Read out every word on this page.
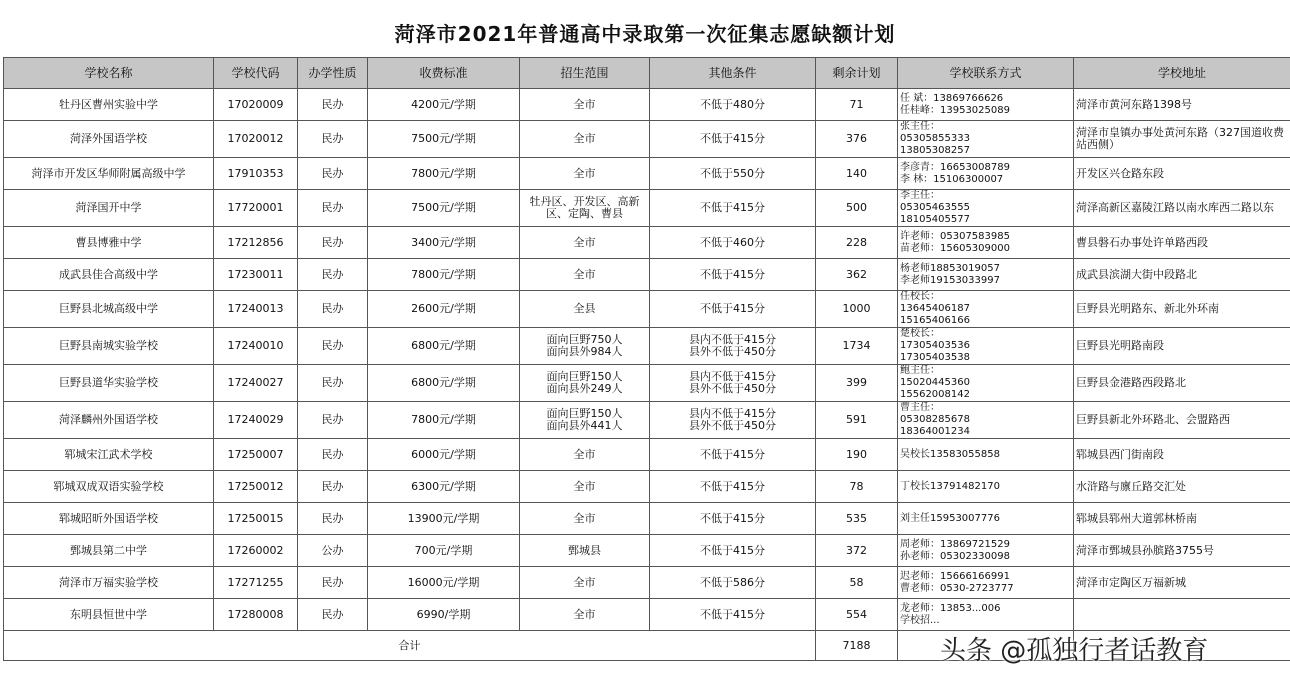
菏泽市2021年普通高中录取第一次征集志愿缺额计划
学校名称	学校代码	办学性质	收费标准	招生范围	其他条件	剩余计划	学校联系方式	学校地址
牡丹区曹州实验中学	17020009	民办	4200元/学期	全市	不低于480分	71	任 斌：13869766626
任桂峰：13953025089	菏泽市黄河东路1398号
菏泽外国语学校	17020012	民办	7500元/学期	全市	不低于415分	376	张主任：
05305855333
13805308257	菏泽市皇镇办事处黄河东路（327国道收费站西侧）
菏泽市开发区华师附属高级中学	17910353	民办	7800元/学期	全市	不低于550分	140	李彦青：16653008789
李 林：15106300007	开发区兴仓路东段
菏泽国开中学	17720001	民办	7500元/学期	牡丹区、开发区、高新区、定陶、曹县	不低于415分	500	李主任：
05305463555
18105405577	菏泽高新区嘉陵江路以南水库西二路以东
曹县博雅中学	17212856	民办	3400元/学期	全市	不低于460分	228	许老师：05307583985
苗老师：15605309000	曹县磐石办事处许单路西段
成武县佳合高级中学	17230011	民办	7800元/学期	全市	不低于415分	362	杨老师18853019057
李老师19153033997	成武县滨湖大街中段路北
巨野县北城高级中学	17240013	民办	2600元/学期	全县	不低于415分	1000	任校长：
13645406187
15165406166	巨野县光明路东、新北外环南
巨野县南城实验学校	17240010	民办	6800元/学期	面向巨野750人
面向县外984人	县内不低于415分
县外不低于450分	1734	楚校长：
17305403536
17305403538	巨野县光明路南段
巨野县道华实验学校	17240027	民办	6800元/学期	面向巨野150人
面向县外249人	县内不低于415分
县外不低于450分	399	鲍主任：
15020445360
15562008142	巨野县金港路西段路北
菏泽麟州外国语学校	17240029	民办	7800元/学期	面向巨野150人
面向县外441人	县内不低于415分
县外不低于450分	591	曹主任：
05308285678
18364001234	巨野县新北外环路北、会盟路西
郓城宋江武术学校	17250007	民办	6000元/学期	全市	不低于415分	190	吴校长13583055858	郓城县西门街南段
郓城双成双语实验学校	17250012	民办	6300元/学期	全市	不低于415分	78	丁校长13791482170	水浒路与廪丘路交汇处
郓城昭昕外国语学校	17250015	民办	13900元/学期	全市	不低于415分	535	刘主任15953007776	郓城县郓州大道郭林桥南
鄄城县第二中学	17260002	公办	700元/学期	鄄城县	不低于415分	372	周老师：13869721529
孙老师：05302330098	菏泽市鄄城县孙膑路3755号
菏泽市万福实验学校	17271255	民办	16000元/学期	全市	不低于586分	58	迟老师：15666166991
曹老师：0530-2723777	菏泽市定陶区万福新城
东明县恒世中学	17280008	民办	6990/学期	全市	不低于415分	554	龙老师：13853...006
学校招...	
合计						7188			头条 @孤独行者话教育
